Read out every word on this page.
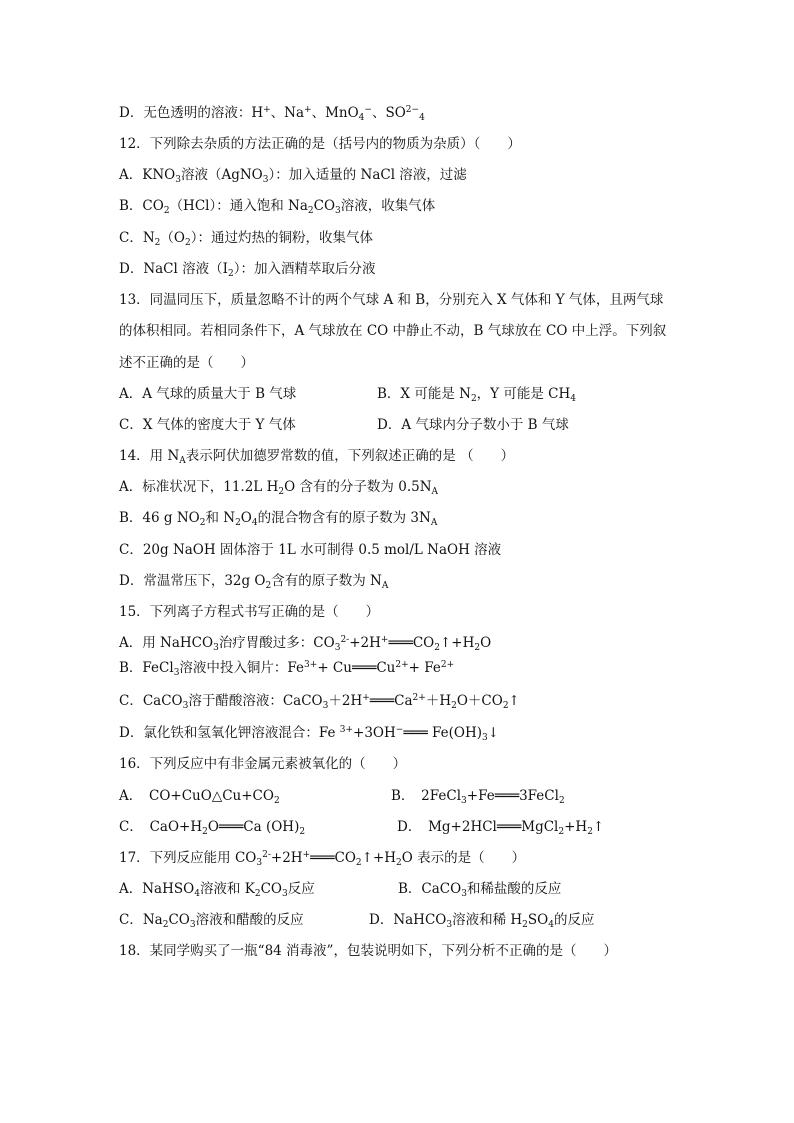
D．无色透明的溶液：H+、Na+、MnO$_4$−、$SO^{2-}_4$
12．下列除去杂质的方法正确的是（括号内的物质为杂质）（　　）
A．$KNO_3$溶液（AgNO$_3$）：加入适量的 NaCl 溶液，过滤
B．$CO_2(HCl)$：通入饱和 $Na_2CO_3$溶液，收集气体
C．$N_2(O_2)$：通过灼热的铜粉，收集气体
D．NaCl 溶液$(I_2)$：加入酒精萃取后分液
13．同温同压下，质量忽略不计的两个气球 A 和 B，分别充入 X 气体和 Y 气体，且两气球
的体积相同。若相同条件下，A 气球放在 CO 中静止不动，B 气球放在 CO 中上浮。下列叙
述不正确的是（　　）
A．A 气球的质量大于 B 气球	B．X 可能是 $N_2$，Y 可能是 $CH_4$
C．X 气体的密度大于 Y 气体	D．A 气球内分子数小于 B 气球
14．用 $N_A$表示阿伏加德罗常数的值，下列叙述正确的是 （　　）
A．标准状况下，11.2L $H_2O$ 含有的分子数为 $0.5N_A$
B．46 g $NO_2$和 $N_2O_4$的混合物含有的原子数为 $3N_A$
C．20g NaOH 固体溶于 1L 水可制得 0.5 mol/L NaOH 溶液
D．常温常压下，32g $O_2$含有的原子数为 $N_A$
15．下列离子方程式书写正确的是（　　）
A．用 NaHCO$_3$治疗胃酸过多：$CO_3^{2-}+2H^+═══CO_2↑+H_2O$
B．FeCl$_3$溶液中投入铜片：$Fe^{3+}+$ $Cu═══Cu^{2+}+ Fe^{2+}$
C．CaCO$_3$溶于醋酸溶液：$CaCO_3+2H^+═══Ca^{2+}+H_2O+CO_2↑$
D．氯化铁和氢氧化钾溶液混合：Fe $^{3+}$+3OH−═══ $Fe(OH)_3↓$
16．下列反应中有非金属元素被氧化的（　　）
A．　$CO+CuO\triangle Cu+CO_2$	B．　2FeCl$_3$+Fe═══3FeCl$_2$
C．　$CaO+H_2O═══Ca$ $(OH)_2$	D．　$Mg+2HCl═══MgCl_2+H_2↑$
17．下列反应能用 $CO_3^{2-}+2H^+═══CO_2↑+H_2O$ 表示的是（　　）
A．NaHSO$_4$溶液和 $K_2CO_3$反应	B．CaCO$_3$和稀盐酸的反应
C．$Na_2CO_3$溶液和醋酸的反应	D．NaHCO$_3$溶液和稀 $H_2SO_4$的反应
18．某同学购买了一瓶“84 消毒液”，包装说明如下，下列分析不正确的是（　　）
